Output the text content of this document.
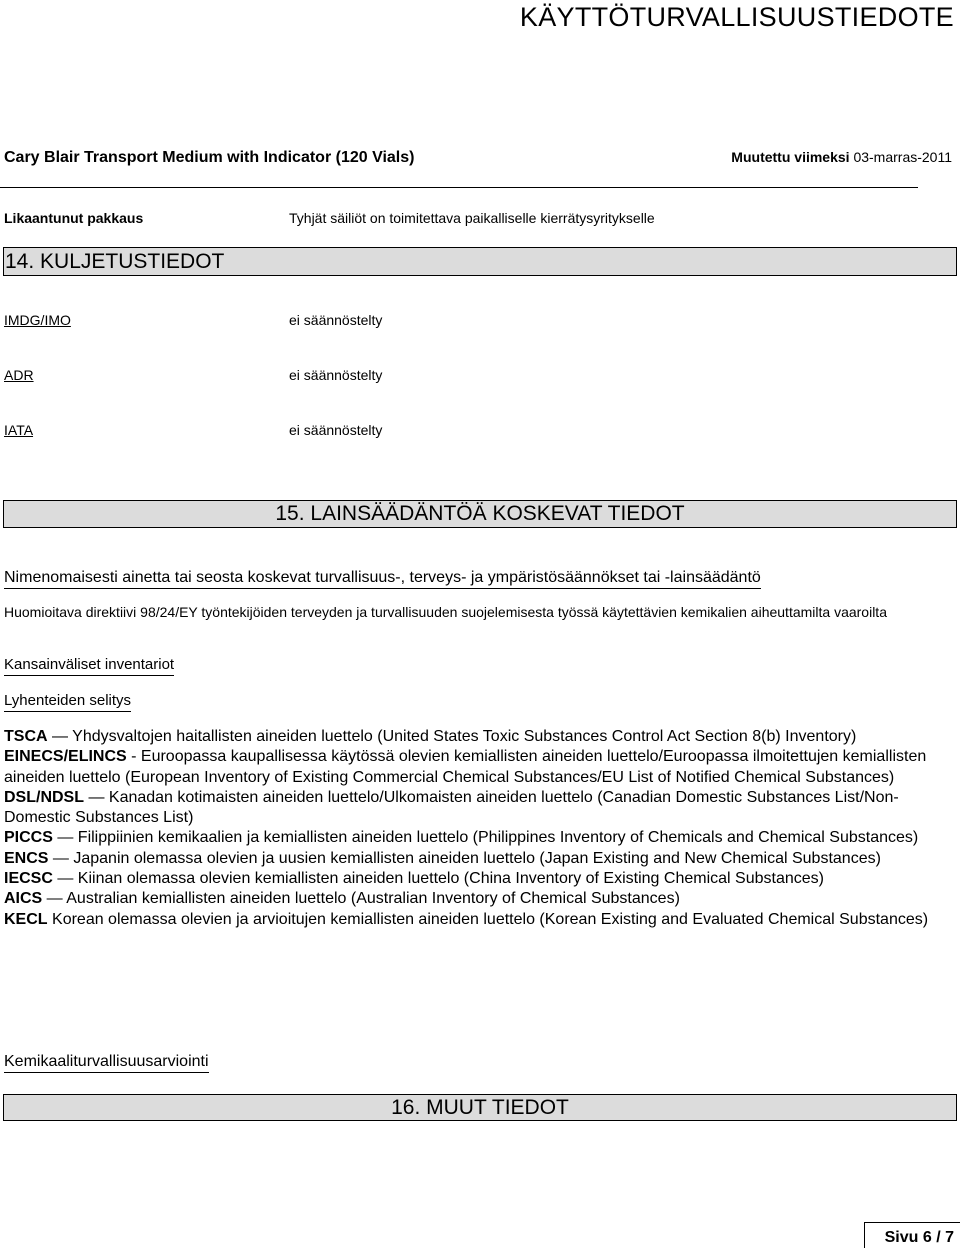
KÄYTTÖTURVALLISUUSTIEDOTE
Cary Blair Transport Medium with Indicator (120 Vials)	Muutettu viimeksi 03-marras-2011
Likaantunut pakkaus	Tyhjät säiliöt on toimitettava paikalliselle kierrätysyritykselle
14. KULJETUSTIEDOT
IMDG/IMO	ei säännöstelty
ADR	ei säännöstelty
IATA	ei säännöstelty
15. LAINSÄÄDÄNTÖÄ KOSKEVAT TIEDOT
Nimenomaisesti ainetta tai seosta koskevat turvallisuus-, terveys- ja ympäristösäännökset tai -lainsäädäntö
Huomioitava direktiivi 98/24/EY työntekijöiden terveyden ja turvallisuuden suojelemisesta työssä käytettävien kemikalien aiheuttamilta vaaroilta
Kansainväliset inventariot
Lyhenteiden selitys

TSCA — Yhdysvaltojen haitallisten aineiden luettelo (United States Toxic Substances Control Act Section 8(b) Inventory)

EINECS/ELINCS - Euroopassa kaupallisessa käytössä olevien kemiallisten aineiden luettelo/Euroopassa ilmoitettujen kemiallisten aineiden luettelo (European Inventory of Existing Commercial Chemical Substances/EU List of Notified Chemical Substances)

DSL/NDSL — Kanadan kotimaisten aineiden luettelo/Ulkomaisten aineiden luettelo (Canadian Domestic Substances List/Non-Domestic Substances List)

PICCS — Filippiinien kemikaalien ja kemiallisten aineiden luettelo (Philippines Inventory of Chemicals and Chemical Substances)

ENCS — Japanin olemassa olevien ja uusien kemiallisten aineiden luettelo (Japan Existing and New Chemical Substances)

IECSC — Kiinan olemassa olevien kemiallisten aineiden luettelo (China Inventory of Existing Chemical Substances)

AICS — Australian kemiallisten aineiden luettelo (Australian Inventory of Chemical Substances)

KECL Korean olemassa olevien ja arvioitujen kemiallisten aineiden luettelo (Korean Existing and Evaluated Chemical Substances)

Kemikaaliturvallisuusarviointi
16. MUUT TIEDOT
Sivu 6 / 7
